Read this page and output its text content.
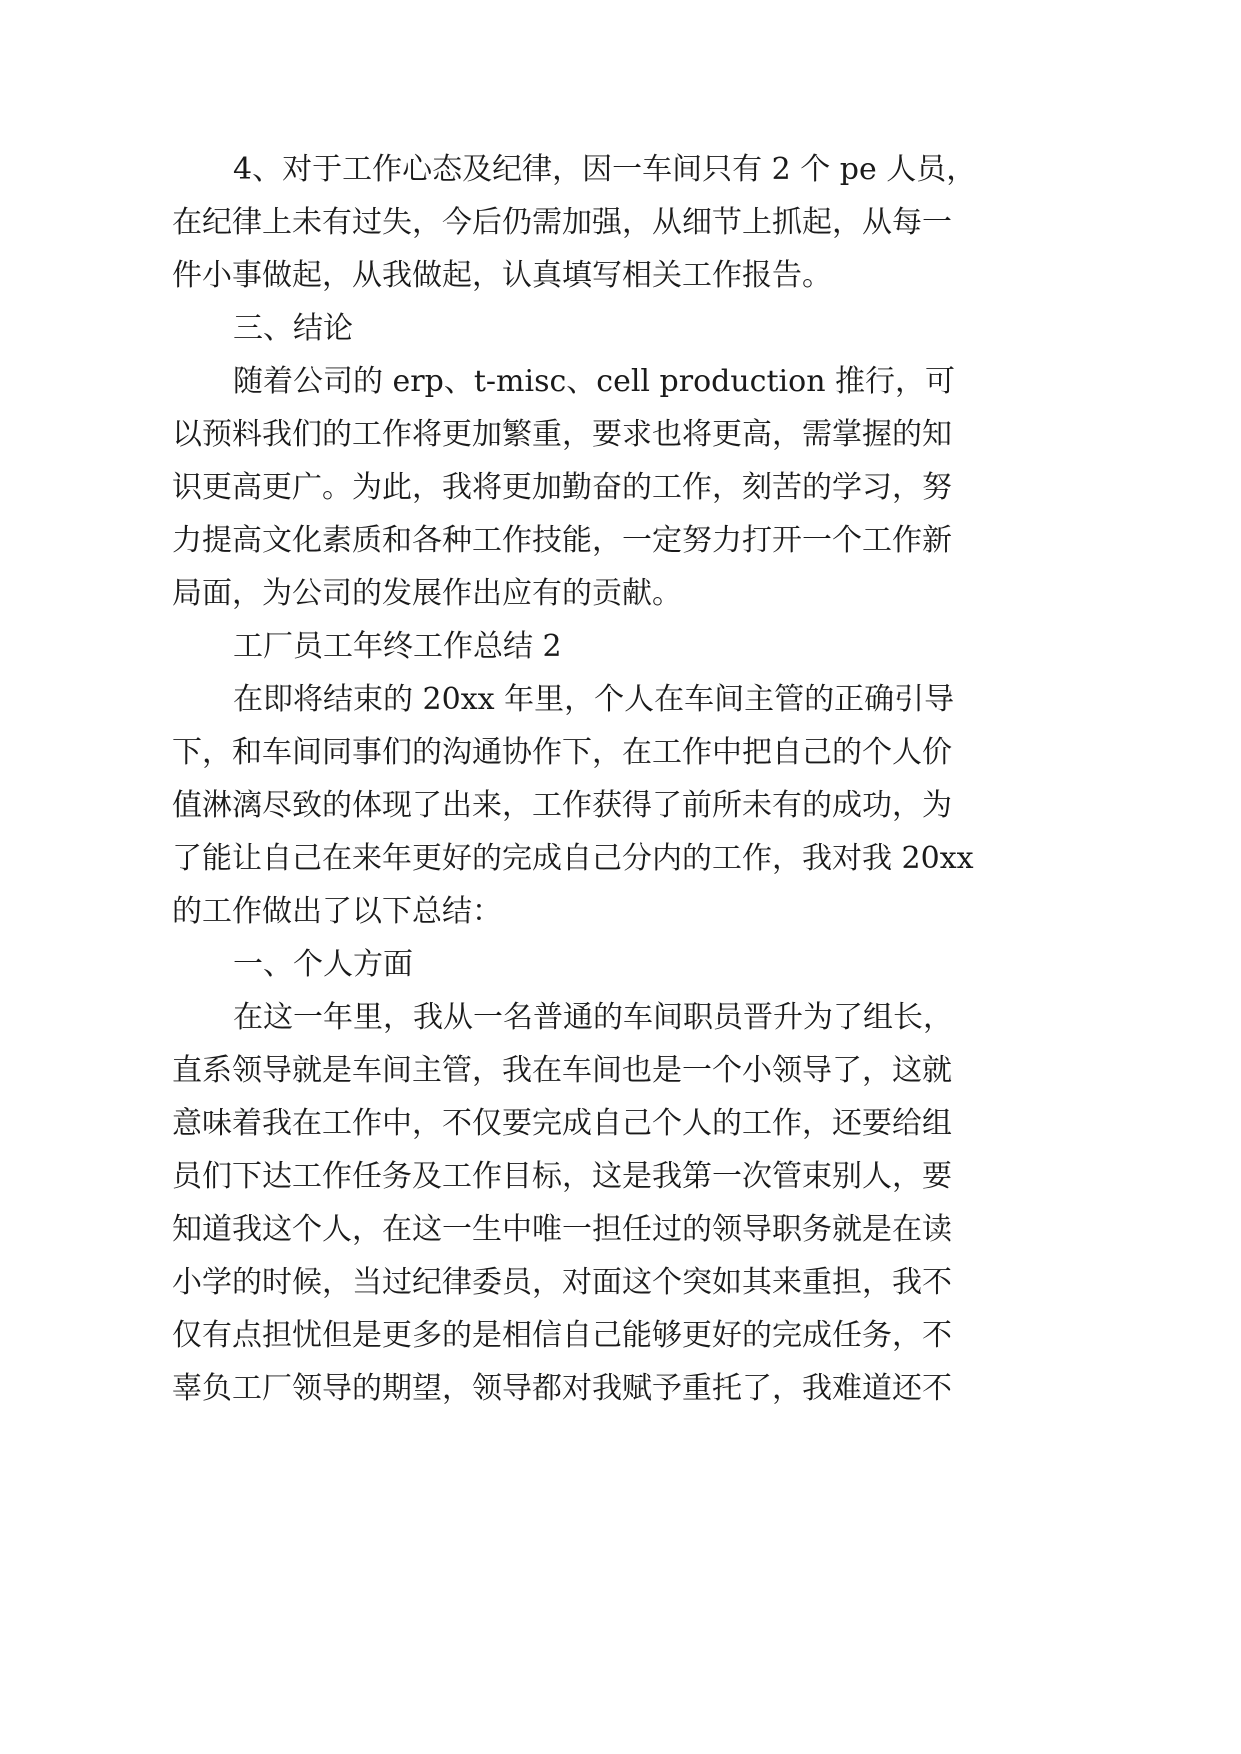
4、对于工作心态及纪律，因一车间只有 2 个 pe 人员，
在纪律上未有过失，今后仍需加强，从细节上抓起，从每一
件小事做起，从我做起，认真填写相关工作报告。
三、结论
随着公司的 erp、t-misc、cell production 推行，可
以预料我们的工作将更加繁重，要求也将更高，需掌握的知
识更高更广。为此，我将更加勤奋的工作，刻苦的学习，努
力提高文化素质和各种工作技能，一定努力打开一个工作新
局面，为公司的发展作出应有的贡献。
工厂员工年终工作总结 2
在即将结束的 20xx 年里，个人在车间主管的正确引导
下，和车间同事们的沟通协作下，在工作中把自己的个人价
值淋漓尽致的体现了出来，工作获得了前所未有的成功，为
了能让自己在来年更好的完成自己分内的工作，我对我 20xx
的工作做出了以下总结：
一、个人方面
在这一年里，我从一名普通的车间职员晋升为了组长，
直系领导就是车间主管，我在车间也是一个小领导了，这就
意味着我在工作中，不仅要完成自己个人的工作，还要给组
员们下达工作任务及工作目标，这是我第一次管束别人，要
知道我这个人，在这一生中唯一担任过的领导职务就是在读
小学的时候，当过纪律委员，对面这个突如其来重担，我不
仅有点担忧但是更多的是相信自己能够更好的完成任务，不
辜负工厂领导的期望，领导都对我赋予重托了，我难道还不
